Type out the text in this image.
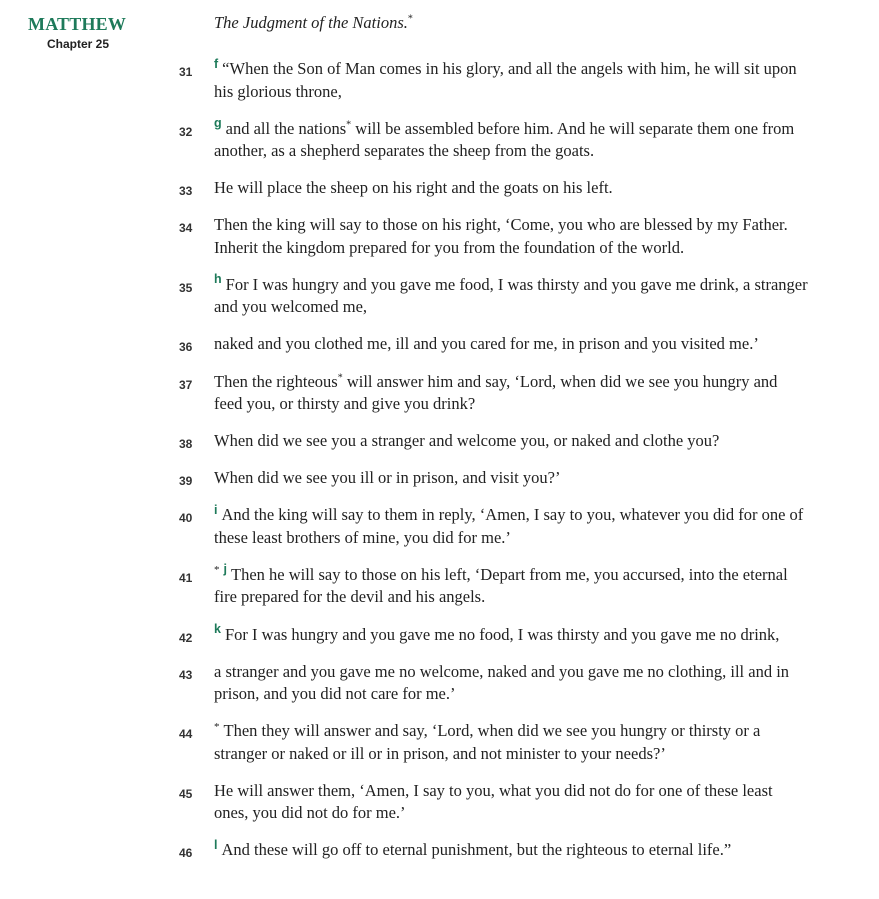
MATTHEW
Chapter 25
The Judgment of the Nations.*
31
$^f$ “When the Son of Man comes in his glory, and all the angels with him, he will sit upon his glorious throne,
32
$^g$ and all the nations* will be assembled before him. And he will separate them one from another, as a shepherd separates the sheep from the goats.
33	He will place the sheep on his right and the goats on his left.
34	Then the king will say to those on his right, ‘Come, you who are blessed by my Father. Inherit the kingdom prepared for you from the foundation of the world.
35
$^h$ For I was hungry and you gave me food, I was thirsty and you gave me drink, a stranger and you welcomed me,
36	naked and you clothed me, ill and you cared for me, in prison and you visited me.’
37	Then the righteous* will answer him and say, ‘Lord, when did we see you hungry and feed you, or thirsty and give you drink?
38	When did we see you a stranger and welcome you, or naked and clothe you?
39	When did we see you ill or in prison, and visit you?’
40
$^i$ And the king will say to them in reply, ‘Amen, I say to you, whatever you did for one of these least brothers of mine, you did for me.’
41
* $^j$ Then he will say to those on his left, ‘Depart from me, you accursed, into the eternal fire prepared for the devil and his angels.
42
$^k$ For I was hungry and you gave me no food, I was thirsty and you gave me no drink,
43	a stranger and you gave me no welcome, naked and you gave me no clothing, ill and in prison, and you did not care for me.’
44
* Then they will answer and say, ‘Lord, when did we see you hungry or thirsty or a stranger or naked or ill or in prison, and not minister to your needs?’
45	He will answer them, ‘Amen, I say to you, what you did not do for one of these least ones, you did not do for me.’
46
$^l$ And these will go off to eternal punishment, but the righteous to eternal life.”
